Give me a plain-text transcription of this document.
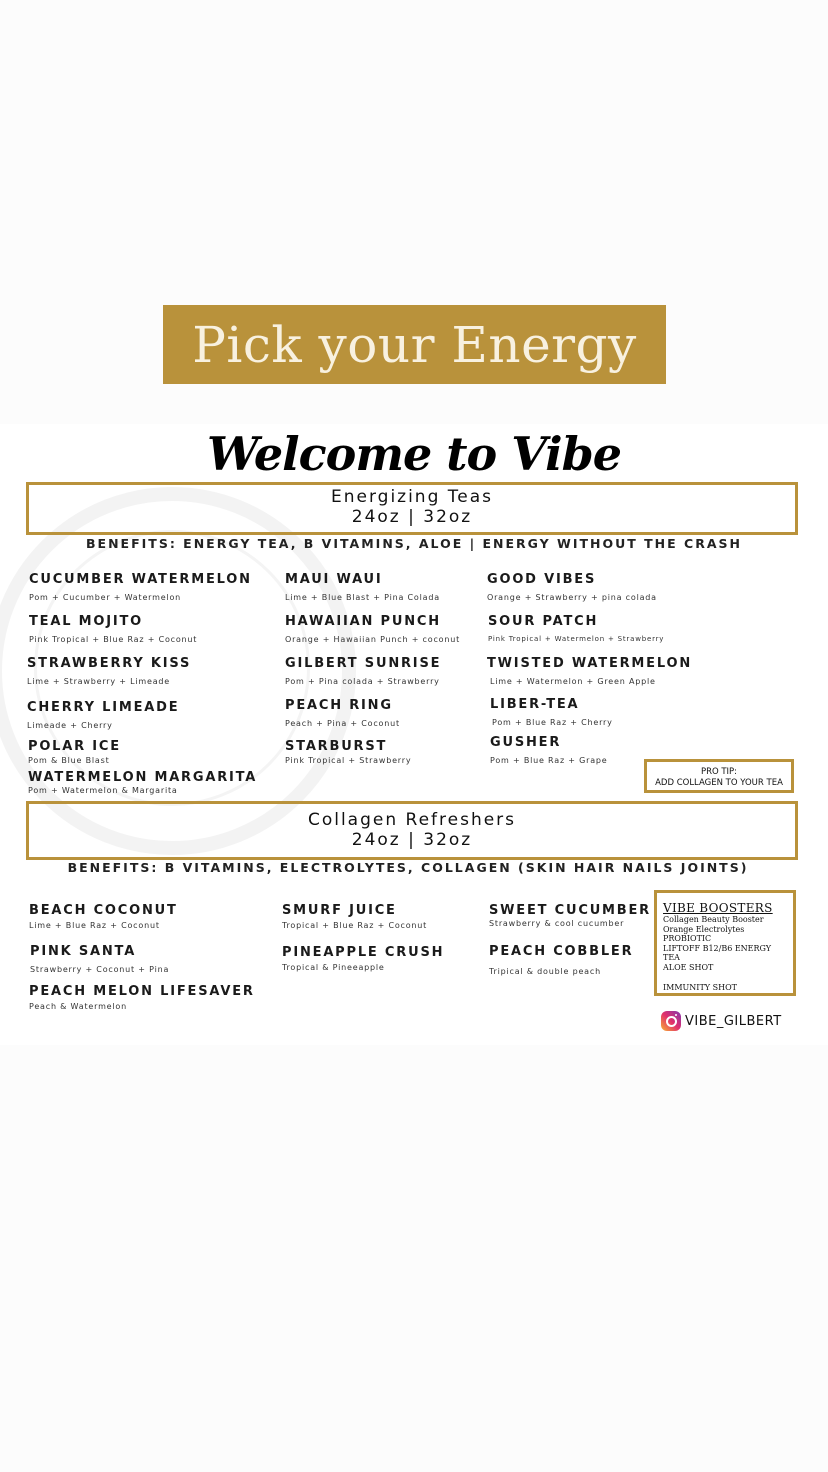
Pick your Energy
Welcome to Vibe
Energizing Teas
24oz | 32oz
BENEFITS: ENERGY TEA, B VITAMINS, ALOE | ENERGY WITHOUT THE CRASH
CUCUMBER WATERMELON
Pom + Cucumber + Watermelon
TEAL MOJITO
Pink Tropical + Blue Raz + Coconut
STRAWBERRY KISS
Lime + Strawberry + Limeade
CHERRY LIMEADE
Limeade + Cherry
POLAR ICE
Pom & Blue Blast
WATERMELON MARGARITA
Pom + Watermelon & Margarita
MAUI WAUI
Lime + Blue Blast + Pina Colada
HAWAIIAN PUNCH
Orange + Hawaiian Punch + coconut
GILBERT SUNRISE
Pom + Pina colada + Strawberry
PEACH RING
Peach + Pina + Coconut
STARBURST
Pink Tropical + Strawberry
GOOD VIBES
Orange + Strawberry + pina colada
SOUR PATCH
Pink Tropical + Watermelon + Strawberry
TWISTED WATERMELON
Lime + Watermelon + Green Apple
LIBER-TEA
Pom + Blue Raz + Cherry
GUSHER
Pom + Blue Raz + Grape
PRO TIP:
ADD COLLAGEN TO YOUR TEA
Collagen Refreshers
24oz | 32oz
BENEFITS: B VITAMINS, ELECTROLYTES, COLLAGEN (SKIN HAIR NAILS JOINTS)
BEACH COCONUT
Lime + Blue Raz + Coconut
PINK SANTA
Strawberry + Coconut + Pina
PEACH MELON LIFESAVER
Peach & Watermelon
SMURF JUICE
Tropical + Blue Raz + Coconut
PINEAPPLE CRUSH
Tropical & Pineeapple
SWEET CUCUMBER
Strawberry & cool cucumber
PEACH COBBLER
Tripical & double peach
VIBE BOOSTERS
Collagen Beauty Booster
Orange Electrolytes
PROBIOTIC
LIFTOFF B12/B6 ENERGY
TEA
ALOE SHOT
IMMUNITY SHOT
VIBE_GILBERT
